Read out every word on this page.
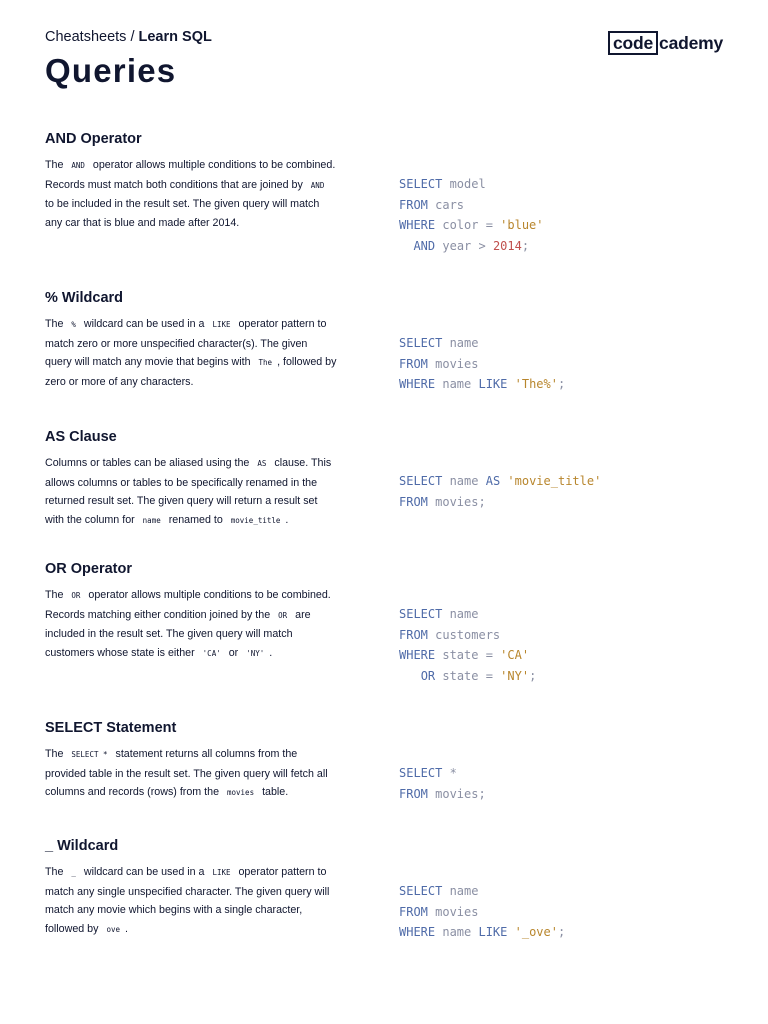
Cheatsheets / Learn SQL	code cademy
Queries
AND Operator
The AND operator allows multiple conditions to be combined. Records must match both conditions that are joined by AND to be included in the result set. The given query will match any car that is blue and made after 2014.
SELECT model
FROM cars
WHERE color = 'blue'
AND year > 2014;
% Wildcard
The % wildcard can be used in a LIKE operator pattern to match zero or more unspecified character(s). The given query will match any movie that begins with The , followed by zero or more of any characters.
SELECT name
FROM movies
WHERE name LIKE 'The%';
AS Clause
Columns or tables can be aliased using the AS clause. This allows columns or tables to be specifically renamed in the returned result set. The given query will return a result set with the column for name renamed to movie_title .
SELECT name AS 'movie_title'
FROM movies;
OR Operator
The OR operator allows multiple conditions to be combined. Records matching either condition joined by the OR are included in the result set. The given query will match customers whose state is either 'CA' or 'NY' .
SELECT name
FROM customers
WHERE state = 'CA'
OR state = 'NY';
SELECT Statement
The SELECT * statement returns all columns from the provided table in the result set. The given query will fetch all columns and records (rows) from the movies table.
SELECT *
FROM movies;
_ Wildcard
The _ wildcard can be used in a LIKE operator pattern to match any single unspecified character. The given query will match any movie which begins with a single character, followed by ove .
SELECT name
FROM movies
WHERE name LIKE '_ove';
